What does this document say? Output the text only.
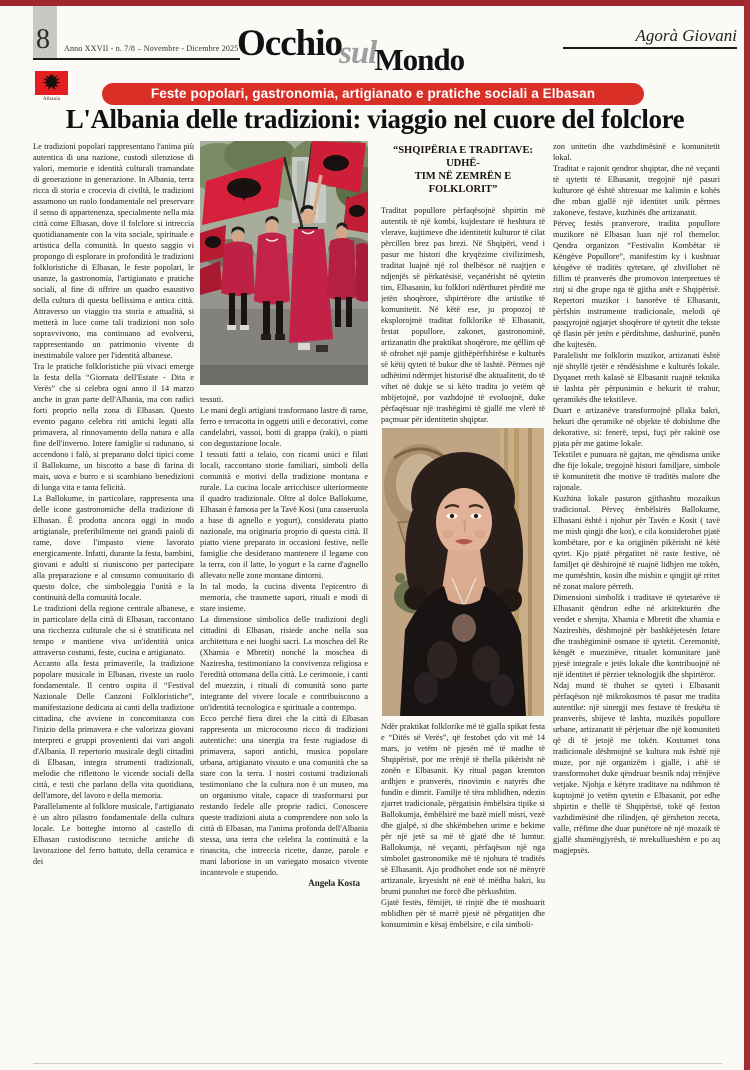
8 Anno XXVII - n. 7/8 – Novembre - Dicembre 2025
OcchiosulMondo
Agorà Giovani
Albania	Feste popolari, gastronomia, artigianato e pratiche sociali a Elbasan
L'Albania delle tradizioni: viaggio nel cuore del folclore

Le tradizioni popolari rappresentano l'anima più autentica di una nazione, custodi silenziose di valori, memorie e identità culturali tramandate di generazione in generazione. In Albania, terra ricca di storia e crocevia di civiltà, le tradizioni assumono un ruolo fondamentale nel preservare il senso di appartenenza, specialmente nella mia città come Elbasan, dove il folclore si intreccia quotidianamente con la vita sociale, spirituale e artistica della comunità. In questo saggio vi propongo di esplorare in profondità le tradizioni folkloristiche di Elbasan, le feste popolari, le usanze, la gastronomia, l'artigianato e pratiche sociali, al fine di offrire un quadro esaustivo della cultura di questa bellissima e antica città. Attraverso un viaggio tra storia e attualità, si metterà in luce come tali tradizioni non solo sopravvivono, ma continuano ad evolversi, rappresentando un patrimonio vivente di inestimabile valore per l'identità albanese.

Tra le pratiche folkloristiche più vivaci emerge la festa della “Giornata dell'Estate - Dita e Verës” che si celebra ogni anno il 14 marzo anche in gran parte dell'Albania, ma con radici forti proprio nella zona di Elbasan. Questo evento pagano celebra riti antichi legati alla primavera, al rinnovamento della natura e alla fine dell'inverno. Intere famiglie si radunano, si accendono i falò, si preparano dolci tipici come il Ballokume, un biscotto a base di farina di mais, uova e burro e si scambiano benedizioni di lunga vita e tanta felicità.

La Ballokume, in particolare, rappresenta una delle icone gastronomiche della tradizione di Elbasan. È prodotta ancora oggi in modo artigianale, preferibilmente nei grandi paioli di rame, dove l'impasto viene lavorato energicamente. Infatti, durante la festa, bambini, giovani e adulti si riuniscono per partecipare alla preparazione e al consumo comunitario di questo dolce, che simboleggia l'unità e la continuità della comunità locale.

Le tradizioni della regione centrale albanese, e in particolare della città di Elbasan, raccontano una ricchezza culturale che si è stratificata nel tempo e mantiene viva un'identità unica attraverso costumi, feste, cucina e artigianato.

Accanto alla festa primaverile, la tradizione popolare musicale in Elbasan, riveste un ruolo fondamentale. Il centro ospita il “Festival Nazionale Delle Canzoni Folkloristiche”, manifestazione dedicata ai canti della tradizione cittadina, che avviene in concomitanza con l'inizio della primavera e che valorizza giovani interpreti e gruppi provenienti dai vari angoli d'Albania. Il repertorio musicale degli cittadini di Elbasan, integra strumenti tradizionali, melodie che riflettono le vicende sociali della città, e testi che parlano della vita quotidiana, dell'amore, del lavoro e della memoria.

Parallelamente al folklore musicale, l'artigianato è un altro pilastro fondamentale della cultura locale. Le botteghe intorno al castello di Elbasan custodiscono tecniche antiche di lavorazione del ferro battuto, della ceramica e dei

tessuti.

Le mani degli artigiani trasformano lastre di rame, ferro e terracotta in oggetti utili e decorativi, come candelabri, vassoi, botti di grappa (raki), o piatti con degustazione locale.

I tessuti fatti a telaio, con ricami unici e filati locali, raccontano storie familiari, simboli della comunità e motivi della tradizione montana e rurale. La cucina locale arricchisce ulteriormente il quadro tradizionale. Oltre al dolce Ballokume, Elbasan è famosa per la Tavë Kosi (una casseruola a base di agnello e yogurt), considerata piatto nazionale, ma originaria proprio di questa città. Il piatto viene preparato in occasioni festive, nelle famiglie che desiderano mantenere il legame con la terra, con il latte, lo yogurt e la carne d'agnello allevato nelle zone montane dintorni.

In tal modo, la cucina diventa l'epicentro di memoria, che trasmette sapori, rituali e modi di stare insieme.

La dimensione simbolica delle tradizioni degli cittadini di Elbasan, risiede anche nella sua architettura e nei luoghi sacri. La moschea del Re (Xhamia e Mbretit) nonché la moschea di Naziresha, testimoniano la convivenza religiosa e l'eredità ottomana della città. Le cerimonie, i canti del muezzin, i rituali di comunità sono parte integrante del vivere locale e contribuiscono a un'identità tecnologica e spirituale a contempo.

Ecco perché fiera direi che la città di Elbasan rappresenta un microcosmo ricco di tradizioni autentiche: una sinergia tra feste rugiadose di primavera, sapori antichi, musica popolare urbana, artigianato vissuto e una comunità che sa stare con la terra. I nostri costumi tradizionali testimoniano che la cultura non è un museo, ma un organismo vitale, capace di trasformarsi pur restando fedele alle proprie radici. Conoscere queste tradizioni aiuta a comprendere non solo la città di Elbasan, ma l'anima profonda dell'Albania stessa, una terra che celebra la continuità e la rinascita, che intreccia ricette, danze, parole e mani laboriose in un variegato mosaico vivente incantevole e stupendo.

Angela Kosta

“SHQIPËRIA E TRADITAVE: UDHË-
TIM NË ZEMRËN E FOLKLORIT”

Traditat popullore përfaqësojnë shpirtin më autentik të një kombi, kujdestare të heshtura të vlerave, kujtimeve dhe identitetit kulturor të cilat përcillen brez pas brezi. Në Shqipëri, vend i pasur me histori dhe kryqëzime civilizimesh, traditat luajnë një rol thelbësor në ruajtjen e ndjenjës së përkatësisë, veçanërisht në qytetin tim, Elbasanin, ku folklori ndërthuret përditë me jetën shoqërore, shpirtërore dhe artistike të komunitetit. Në këtë ese, ju propozoj të eksplorojmë traditat folklorike të Elbasanit, festat popullore, zakonet, gastronominë, artizanatin dhe praktikat shoqërore, me qëllim që të ofrohet një pamje gjithëpërfshirëse e kulturës së këtij qyteti të bukur dhe të lashtë. Përmes një udhëtimi ndërmjet historisë dhe aktualitetit, do të vihet në dukje se si këto tradita jo vetëm që mbijetojnë, por vazhdojnë të evoluojnë, duke përfaqësuar një trashëgimi të gjallë me vlerë të paçmuar për identitetin shqiptar.

Ndër praktikat folklorike më të gjalla spikat festa e “Ditës së Verës”, që festohet çdo vit më 14 mars, jo vetëm në pjesën më të madhe të Shqipërisë, por me rrënjë të thella pikërisht në zonën e Elbasanit. Ky ritual pagan kremton ardhjen e pranverës, rinovimin e natyrës dhe fundin e dimrit. Familje të tëra mblidhen, ndezin zjarret tradicionale, përgatisin ëmbëlsira tipike si Ballokumja, ëmbëlsirë me bazë miell misri, vezë dhe gjalpë, si dhe shkëmbehen urime e bekime për një jetë sa më të gjatë dhe të lumtur. Ballokumja, në veçanti, përfaqëson një nga simbolet gastronomike më të njohura të traditës së Elbasanit. Ajo prodhohet ende sot në mënyrë artizanale, kryesisht në enë të mëdha bakri, ku brumi punohet me forcë dhe përkushtim.

Gjatë festës, fëmijët, të rinjtë dhe të moshuarit mblidhen për të marrë pjesë në përgatitjen dhe konsumimin e kësaj ëmbëlsire, e cila simboli-

zon unitetin dhe vazhdimësinë e komunitetit lokal.

Traditat e rajonit qendror shqiptar, dhe në veçanti të qytetit të Elbasanit, tregojnë një pasuri kulturore që është shtresuar me kalimin e kohës dhe mban gjallë një identitet unik përmes zakoneve, festave, kuzhinës dhe artizanatit.

Përveç festës pranverore, tradita popullore muzikore në Elbasan luan një rol themelor. Qendra organizon “Festivalin Kombëtar të Këngëve Popullore”, manifestim ky i kushtuar këngëve të traditës qytetare, që zhvillohet në fillim të pranverës dhe promovon interpretues të rinj si dhe grupe nga të gjitha anët e Shqipërisë. Repertori muzikor i banorëve të Elbasanit, përfshin instrumente tradicionale, melodi që pasqyrojnë ngjarjet shoqërore të qytetit dhe tekste që flasin për jetën e përditshme, dashurinë, punën dhe kujtesën.

Paralelisht me folklorin muzikor, artizanati është një shtyllë tjetër e rëndësishme e kulturës lokale. Dyqanet rreth kalasë së Elbasanit ruajnë teknika të lashta për përpunimin e hekurit të rrahur, qeramikës dhe tekstileve.

Duart e artizanëve transformojnë pllaka bakri, hekuri dhe qeramike në objekte të dobishme dhe dekorative, si: fenerë, tepsi, fuçi për rakinë ose pjata për me gatime lokale.

Tekstilet e punuara në gajtan, me qëndisma unike dhe fije lokale, tregojnë histori familjare, simbole të komunitetit dhe motive të traditës malore dhe rajonale.

Kuzhina lokale pasuron gjithashtu mozaikun tradicional. Përveç ëmbëlsirës Ballokume, Elbasani është i njohur për Tavën e Kosit ( tavë me mish qingji dhe kos), e cila konsiderohet pjatë kombëtare, por e ka origjinën pikërisht në këtë qytet. Kjo pjatë përgatitet në raste festive, në familjet që dëshirojnë të ruajnë lidhjen me tokën, me qumështin, kosin dhe mishin e qingjit që rritet në zonat malore përreth.

Dimensioni simbolik i traditave të qytetarëve të Elbasanit qëndron edhe në arkitekturën dhe vendet e shenjta. Xhamia e Mbretit dhe xhamia e Nazireshës, dëshmojnë për bashkëjetesën fetare dhe trashëgiminë osmane të qytetit. Ceremonitë, këngët e muezinëve, ritualet komunitare janë pjesë integrale e jetës lokale dhe kontribuojnë në një identitet të përzier teknologjik dhe shpirtëror.

Ndaj mund të thuhet se qyteti i Elbasanit përfaqëson një mikrokosmos të pasur me tradita autentike: një sinergji mes festave të freskëta të pranverës, shijeve të lashta, muzikës popullore urbane, artizanatit të përjetuar dhe një komuniteti që di të jetojë me tokën. Kostumet tona tradicionale dëshmojnë se kultura nuk është një muze, por një organizëm i gjallë, i aftë të transformohet duke qëndruar besnik ndaj rrënjëve vetjake. Njohja e këtyre traditave na ndihmon të kuptojmë jo vetëm qytetin e Elbasanit, por edhe shpirtin e thellë të Shqipërisë, tokë që feston vazhdimësinë dhe rilindjen, që gërsheton receta, valle, rrëfime dhe duar punëtore në një mozaik të gjallë shumëngjyrësh, të mrekullueshëm e po aq magjepsës.
